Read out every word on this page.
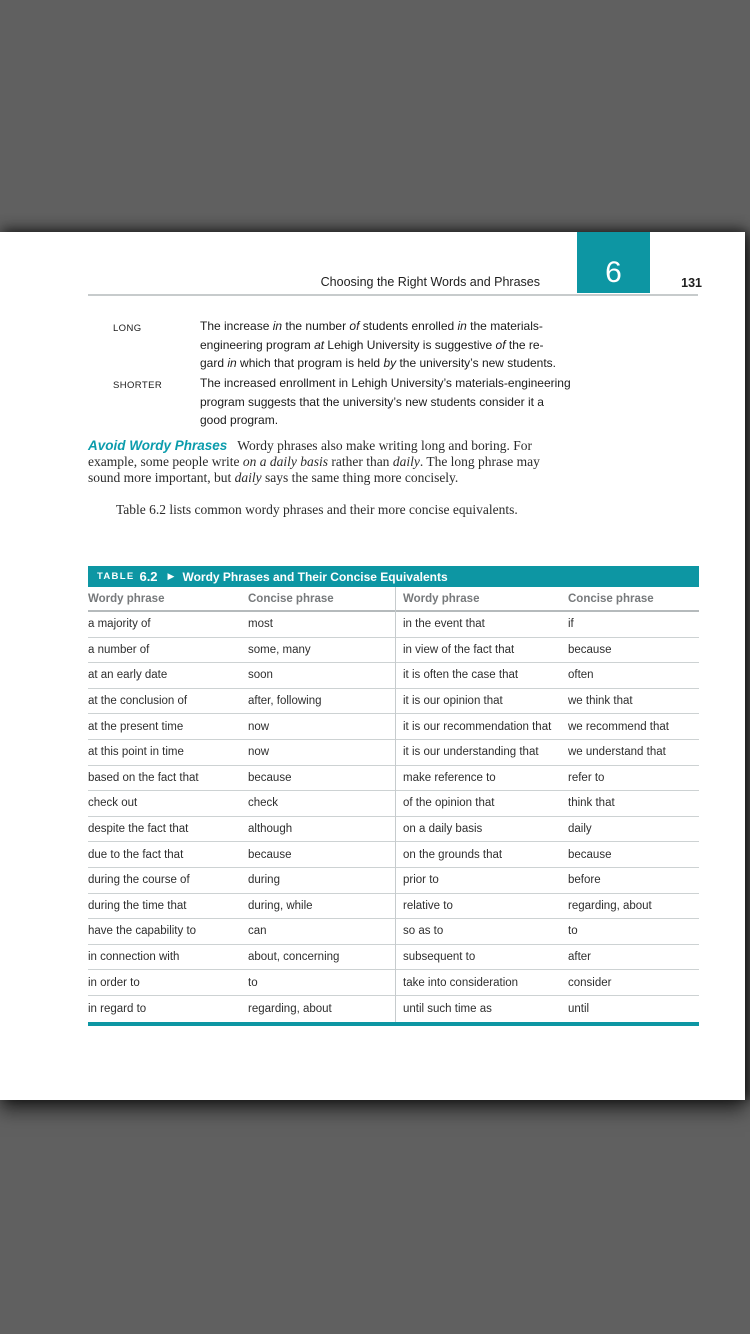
Choosing the Right Words and Phrases 6	131
LONG	The increase in the number of students enrolled in the materials-
engineering program at Lehigh University is suggestive of the re-
gard in which that program is held by the university’s new students.
SHORTER	The increased enrollment in Lehigh University’s materials-engineering
program suggests that the university’s new students consider it a
good program.
Avoid Wordy Phrases Wordy phrases also make writing long and boring. For example, some people write on a daily basis rather than daily. The long phrase may sound more important, but daily says the same thing more concisely.
Table 6.2 lists common wordy phrases and their more concise equivalents.
TABLE 6.2 ▶ Wordy Phrases and Their Concise Equivalents
Wordy phrase	Concise phrase	Wordy phrase	Concise phrase
a majority of	most	in the event that	if
a number of	some, many	in view of the fact that	because
at an early date	soon	it is often the case that	often
at the conclusion of	after, following	it is our opinion that	we think that
at the present time	now	it is our recommendation that	we recommend that
at this point in time	now	it is our understanding that	we understand that
based on the fact that	because	make reference to	refer to
check out	check	of the opinion that	think that
despite the fact that	although	on a daily basis	daily
due to the fact that	because	on the grounds that	because
during the course of	during	prior to	before
during the time that	during, while	relative to	regarding, about
have the capability to	can	so as to	to
in connection with	about, concerning	subsequent to	after
in order to	to	take into consideration	consider
in regard to	regarding, about	until such time as	until
